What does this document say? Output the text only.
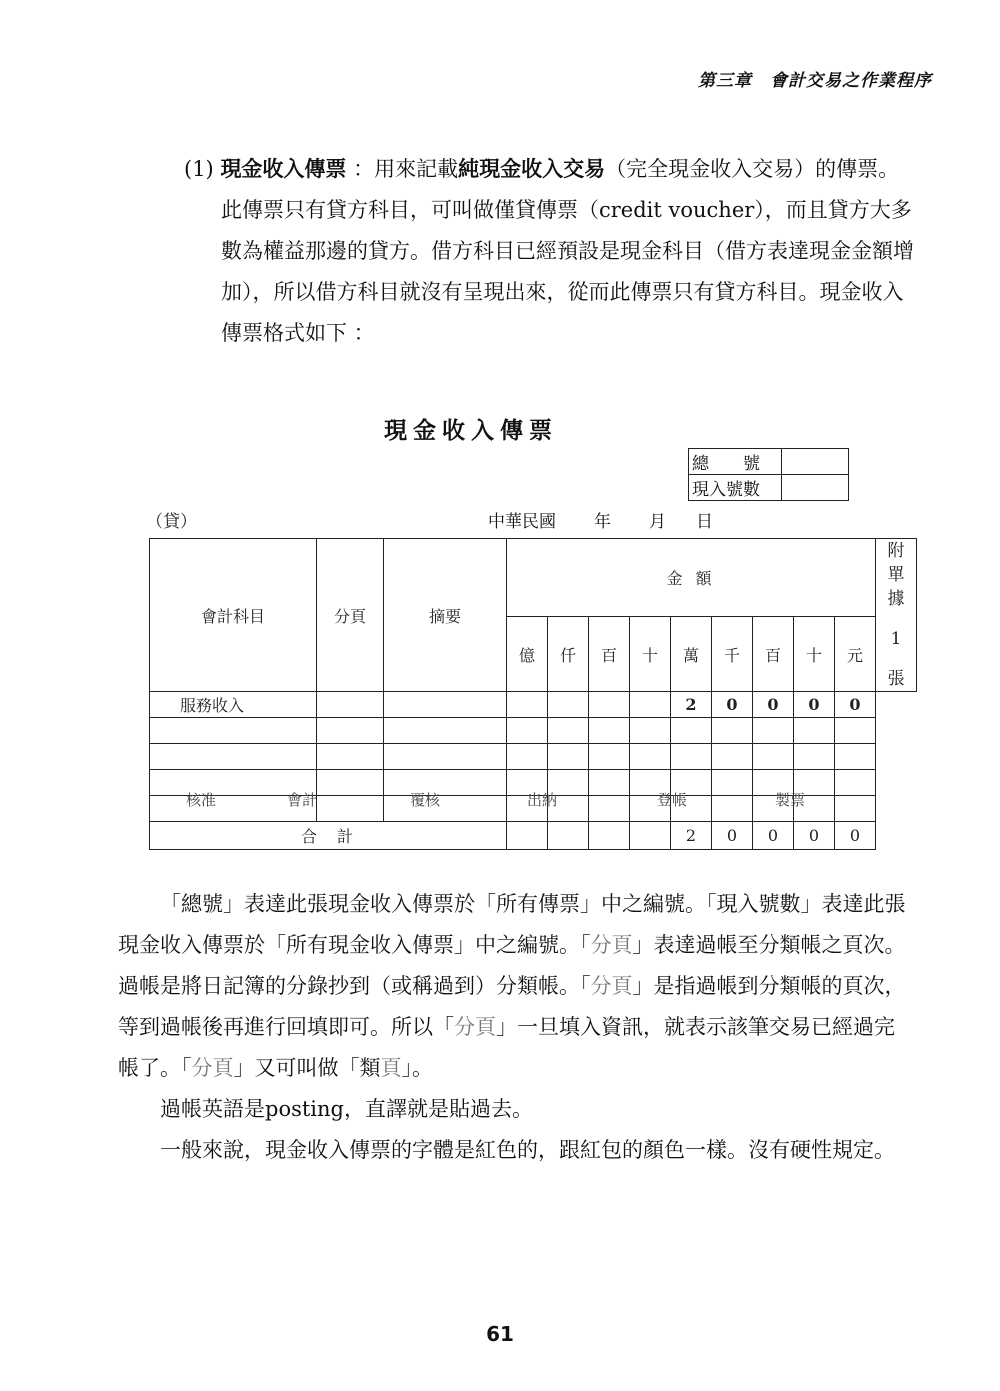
第三章 會計交易之作業程序

(1) 現金收入傳票 ：用來記載純現金收入交易（完全現金收入交易）的傳票。此傳票只有貸方科目，可叫做僅貸傳票（credit voucher），而且貸方大多數為權益那邊的貸方。借方科目已經預設是現金科目（借方表達現金金額增加），所以借方科目就沒有呈現出來，從而此傳票只有貸方科目。現金收入傳票格式如下 ：

現金收入傳票
總　　號	
現入號數	
（貸）	中華民國 年 月 日
會計科目	分頁	摘要	金 額									附
單
據
1
張

			億	仟	百	十	萬	千	百	十	元	
服務收入							2	0	0	0	0	

合　計							2	0	0	0	0	
核准	會計	覆核	出納	登帳	製票

「總號」表達此張現金收入傳票於「所有傳票」中之編號。「現入號數」表達此張現金收入傳票於「所有現金收入傳票」中之編號。「分頁」表達過帳至分類帳之頁次。過帳是將日記簿的分錄抄到（或稱過到）分類帳。「分頁」是指過帳到分類帳的頁次，等到過帳後再進行回填即可。所以「分頁」一旦填入資訊，就表示該筆交易已經過完帳了。「分頁」又可叫做「類頁」。

過帳英語是posting，直譯就是貼過去。

一般來說，現金收入傳票的字體是紅色的，跟紅包的顏色一樣。沒有硬性規定。

61
